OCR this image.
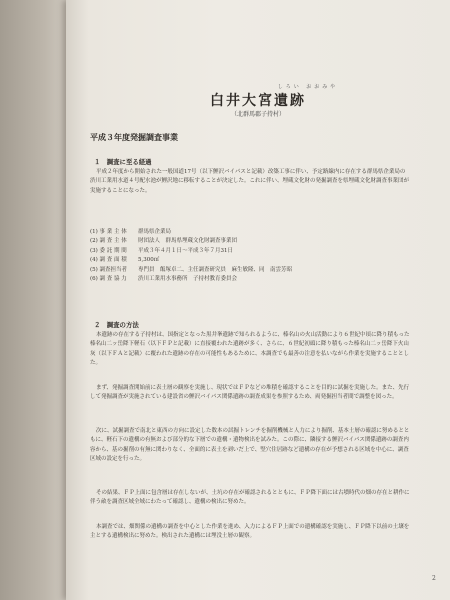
しろい おおみや
白井大宮遺跡
（北群馬郡子持村）
平成３年度発掘調査事業
１　調査に至る経過
平成２年度から開始された一般国道17号（以下鯉沢バイパスと記載）改築工事に伴い、予定路線内に存在する群馬県企業局の渋川工業用水道４号配水池が鯉沢地に移転することが決定した。これに伴い、埋蔵文化財の発掘調査を県埋蔵文化財調査事業団が実施することになった。
(1) 事 業 主 体	群馬県企業局
(2) 調 査 主 体	財団法人　群馬県埋蔵文化財調査事業団
(3) 委 託 期 間	平成３年４月１日～平成３年７月31日
(4) 調 査 面 積	5,300㎡
(5) 調査担当者	専門員　飯塚卓二、主任調査研究員　麻生敏隆、同　南雲芳昭
(6) 調 査 協 力	渋川工業用水事務所　子持村教育委員会
２　調査の方法
本遺跡の存在する子持村は、国指定となった黒井峯遺跡で知られるように、榛名山の火山活動により６世紀中頃に降り積もった榛名山二ッ岳降下軽石（以下ＦＰと記載）に直接覆われた遺跡が多く、さらに、６世紀初頭に降り積もった榛名山二ッ岳降下火山灰（以下ＦＡと記載）に覆われた遺跡の存在の可能性もあるために、本調査でも最善の注意を払いながら作業を実施することとした。
まず、発掘調査開始前に表土層の観察を実施し、現状ではＦＰなどの堆積を確認することを目的に試掘を実施した。また、先行して発掘調査が実施されている建設省の鯉沢バイパス関係遺跡の調査成果を参照するため、両発掘担当者間で調整を図った。
次に、試掘調査で南北と東西の方向に設定した数本の試掘トレンチを掘削機械と人力により掘削、基本土層の確認に努めるとともに、軽石下の遺構の有無および部分的な下層での遺構・遺物検出を試みた。この際に、隣接する鯉沢バイパス関係遺跡の調査内容から、基の掘削の有無に関わりなく、全面的に表土を剥いだ上で、竪穴住居跡など遺構の存在が予想される区域を中心に、調査区域の設定を行った。
その結果、ＦＰ上面に包含層は存在しないが、土坑の存在が確認されるとともに、ＦＰ降下面には古墳時代の畑の存在と耕作に伴う畝を調査区域全域にわたって確認し、遺構の検出に努めた。
本調査では、畑関係の遺構の調査を中心とした作業を進め、入力によるＦＰ上面での遺構確認を実施し、ＦＰ降下以前の土壌を主とする遺構検出に努めた。検出された遺構には埋没土層の観察。
2
